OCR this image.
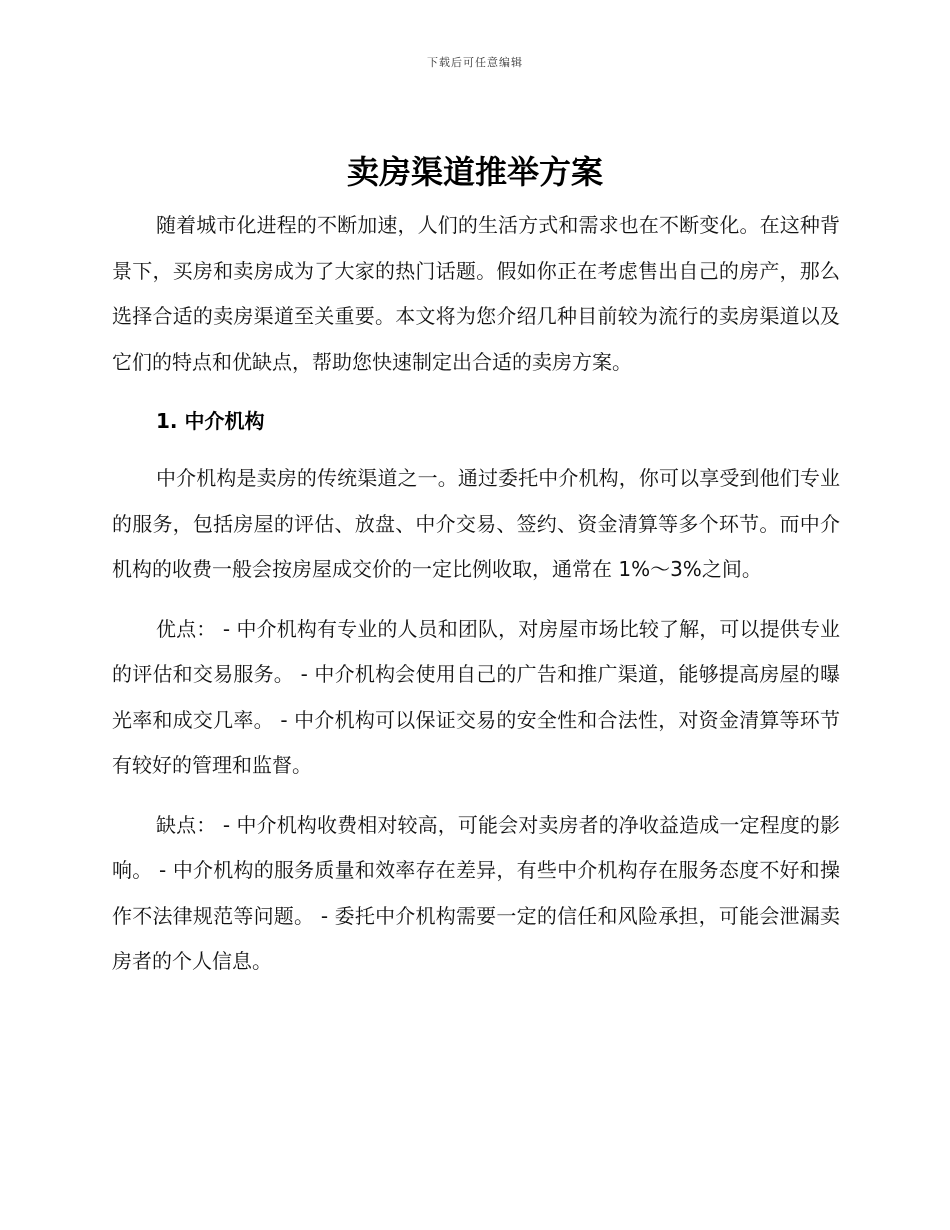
下载后可任意编辑
卖房渠道推举方案

随着城市化进程的不断加速，人们的生活方式和需求也在不断变化。在这种背景下，买房和卖房成为了大家的热门话题。假如你正在考虑售出自己的房产，那么选择合适的卖房渠道至关重要。本文将为您介绍几种目前较为流行的卖房渠道以及它们的特点和优缺点，帮助您快速制定出合适的卖房方案。

1. 中介机构

中介机构是卖房的传统渠道之一。通过委托中介机构，你可以享受到他们专业的服务，包括房屋的评估、放盘、中介交易、签约、资金清算等多个环节。而中介机构的收费一般会按房屋成交价的一定比例收取，通常在 1%～3%之间。

优点： - 中介机构有专业的人员和团队，对房屋市场比较了解，可以提供专业的评估和交易服务。 - 中介机构会使用自己的广告和推广渠道，能够提高房屋的曝光率和成交几率。 - 中介机构可以保证交易的安全性和合法性，对资金清算等环节有较好的管理和监督。

缺点： - 中介机构收费相对较高，可能会对卖房者的净收益造成一定程度的影响。 - 中介机构的服务质量和效率存在差异，有些中介机构存在服务态度不好和操作不法律规范等问题。 - 委托中介机构需要一定的信任和风险承担，可能会泄漏卖房者的个人信息。
